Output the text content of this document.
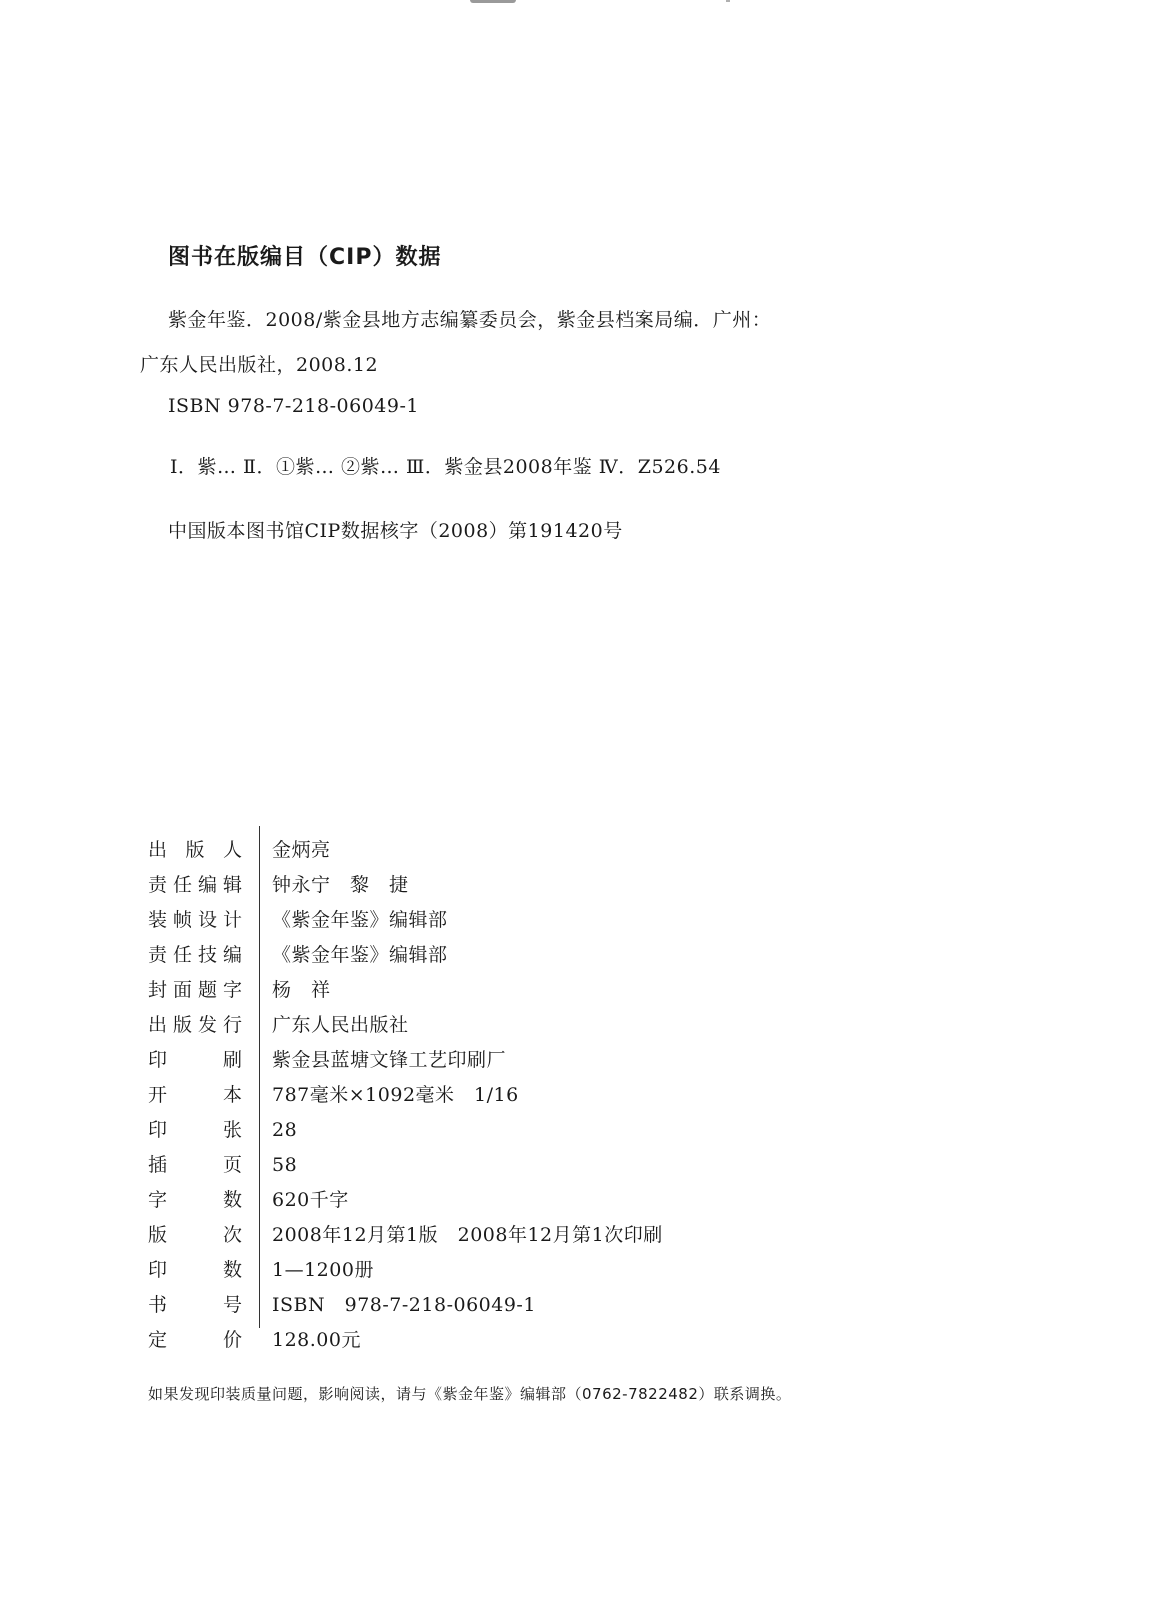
图书在版编目（CIP）数据
紫金年鉴．2008/紫金县地方志编纂委员会，紫金县档案局编．广州：
广东人民出版社，2008.12
ISBN 978-7-218-06049-1
Ⅰ．紫… Ⅱ．①紫… ②紫… Ⅲ．紫金县2008年鉴 Ⅳ．Z526.54
中国版本图书馆CIP数据核字（2008）第191420号
出版人 金炳亮
责任编辑 钟永宁　黎　捷
装帧设计 《紫金年鉴》编辑部
责任技编 《紫金年鉴》编辑部
封面题字 杨　祥
出版发行 广东人民出版社
印刷 紫金县蓝塘文锋工艺印刷厂
开本 787毫米×1092毫米　1/16
印张 28
插页 58
字数 620千字
版次 2008年12月第1版　2008年12月第1次印刷
印数 1—1200册
书号 ISBN　978-7-218-06049-1
定价 128.00元
如果发现印装质量问题，影响阅读，请与《紫金年鉴》编辑部（0762-7822482）联系调换。
